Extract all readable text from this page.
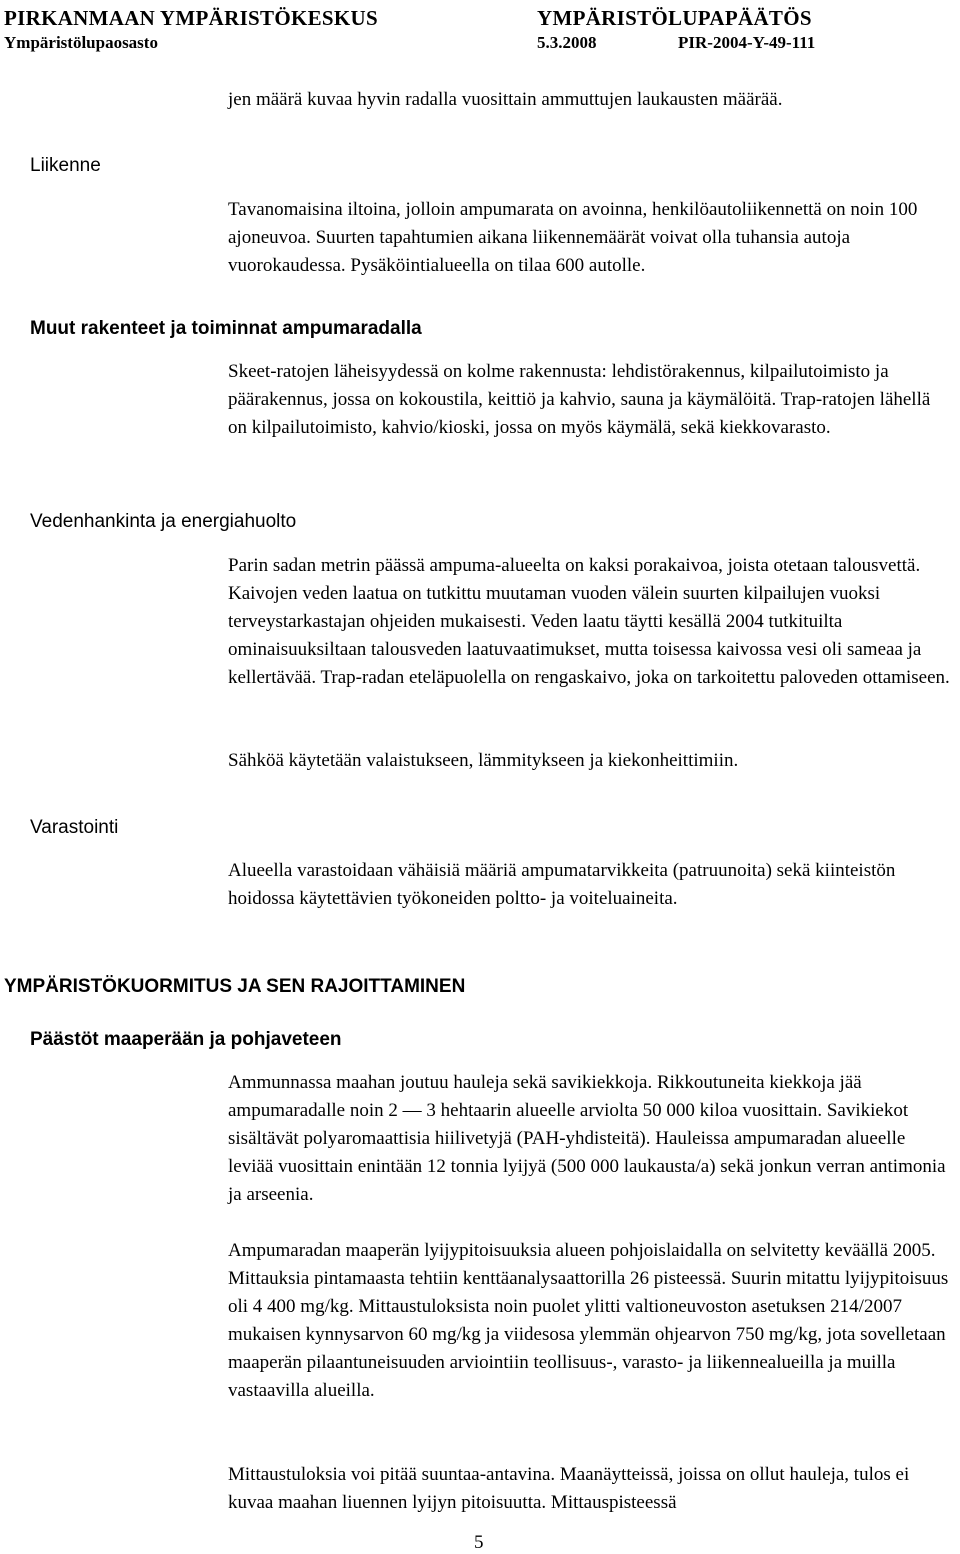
PIRKANMAAN YMPÄRISTÖKESKUS	YMPÄRISTÖLUPAPÄÄTÖS
Ympäristölupaosasto	5.3.2008	PIR-2004-Y-49-111

jen määrä kuvaa hyvin radalla vuosittain ammuttujen laukausten määrää.

Liikenne

Tavanomaisina iltoina, jolloin ampumarata on avoinna, henkilöautoliikennettä on noin 100 ajoneuvoa. Suurten tapahtumien aikana liikennemäärät voivat olla tuhansia autoja vuorokaudessa. Pysäköintialueella on tilaa 600 autolle.

Muut rakenteet ja toiminnat ampumaradalla

Skeet-ratojen läheisyydessä on kolme rakennusta: lehdistörakennus, kilpailutoimisto ja päärakennus, jossa on kokoustila, keittiö ja kahvio, sauna ja käymälöitä. Trap-ratojen lähellä on kilpailutoimisto, kahvio/kioski, jossa on myös käymälä, sekä kiekkovarasto.

Vedenhankinta ja energiahuolto

Parin sadan metrin päässä ampuma-alueelta on kaksi porakaivoa, joista otetaan talousvettä. Kaivojen veden laatua on tutkittu muutaman vuoden välein suurten kilpailujen vuoksi terveystarkastajan ohjeiden mukaisesti. Veden laatu täytti kesällä 2004 tutkituilta ominaisuuksiltaan talousveden laatuvaatimukset, mutta toisessa kaivossa vesi oli sameaa ja kellertävää. Trap-radan eteläpuolella on rengaskaivo, joka on tarkoitettu paloveden ottamiseen.

Sähköä käytetään valaistukseen, lämmitykseen ja kiekonheittimiin.

Varastointi

Alueella varastoidaan vähäisiä määriä ampumatarvikkeita (patruunoita) sekä kiinteistön hoidossa käytettävien työkoneiden poltto- ja voiteluaineita.

YMPÄRISTÖKUORMITUS JA SEN RAJOITTAMINEN
Päästöt maaperään ja pohjaveteen

Ammunnassa maahan joutuu hauleja sekä savikiekkoja. Rikkoutuneita kiekkoja jää ampumaradalle noin 2 — 3 hehtaarin alueelle arviolta 50 000 kiloa vuosittain. Savikiekot sisältävät polyaromaattisia hiilivetyjä (PAH-yhdisteitä). Hauleissa ampumaradan alueelle leviää vuosittain enintään 12 tonnia lyijyä (500 000 laukausta/a) sekä jonkun verran antimonia ja arseenia.

Ampumaradan maaperän lyijypitoisuuksia alueen pohjoislaidalla on selvitetty keväällä 2005. Mittauksia pintamaasta tehtiin kenttäanalysaattorilla 26 pisteessä. Suurin mitattu lyijypitoisuus oli 4 400 mg/kg. Mittaustuloksista noin puolet ylitti valtioneuvoston asetuksen 214/2007 mukaisen kynnysarvon 60 mg/kg ja viidesosa ylemmän ohjearvon 750 mg/kg, jota sovelletaan maaperän pilaantuneisuuden arviointiin teollisuus-, varasto- ja liikennealueilla ja muilla vastaavilla alueilla.

Mittaustuloksia voi pitää suuntaa-antavina. Maanäytteissä, joissa on ollut hauleja, tulos ei kuvaa maahan liuennen lyijyn pitoisuutta. Mittauspisteessä

5
